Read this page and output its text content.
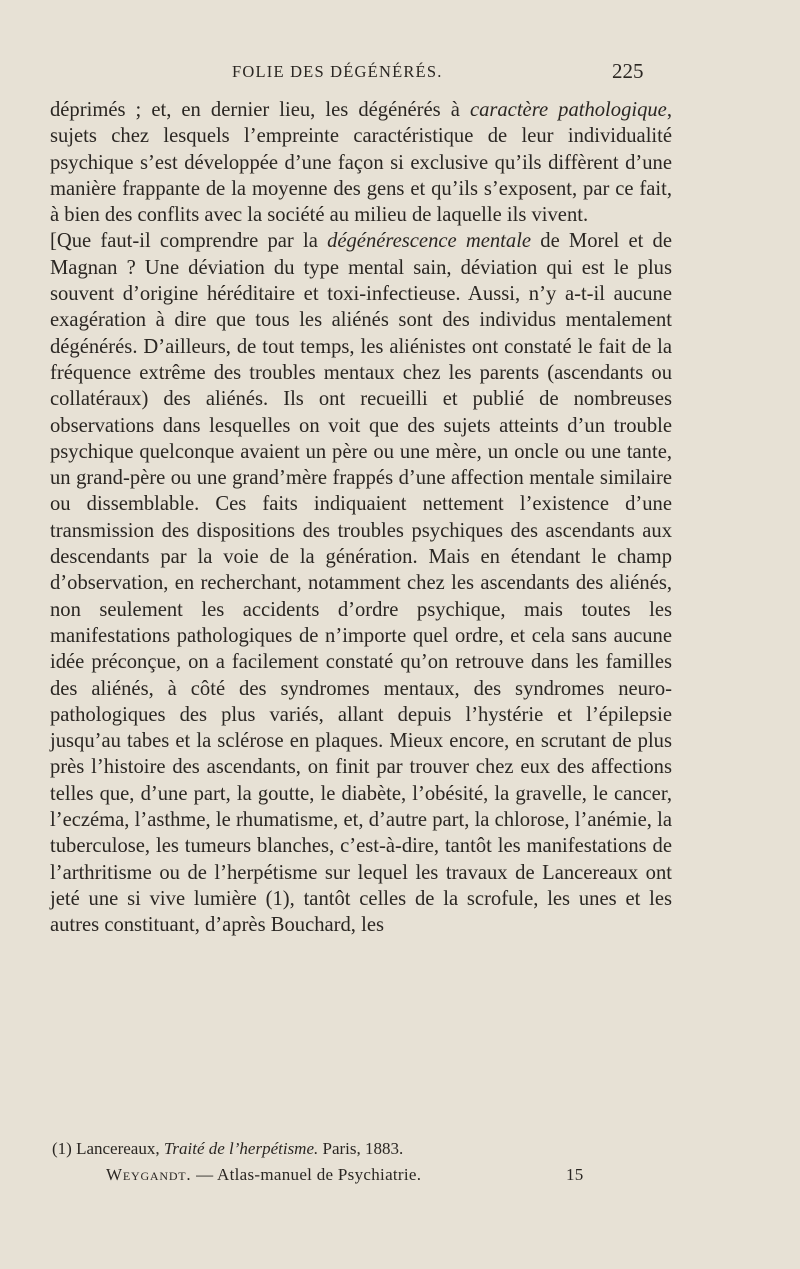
FOLIE DES DÉGÉNÉRÉS.	225

déprimés ; et, en dernier lieu, les dégénérés à caractère pathologique, sujets chez lesquels l’empreinte caractéristique de leur individualité psychique s’est développée d’une façon si exclusive qu’ils diffèrent d’une manière frappante de la moyenne des gens et qu’ils s’exposent, par ce fait, à bien des conflits avec la société au milieu de laquelle ils vivent.

[Que faut-il comprendre par la dégénérescence mentale de Morel et de Magnan ? Une déviation du type mental sain, déviation qui est le plus souvent d’origine héréditaire et toxi-infectieuse. Aussi, n’y a-t-il aucune exagération à dire que tous les aliénés sont des individus mentalement dégénérés. D’ailleurs, de tout temps, les aliénistes ont constaté le fait de la fréquence extrême des troubles mentaux chez les parents (ascendants ou collatéraux) des aliénés. Ils ont recueilli et publié de nombreuses observations dans lesquelles on voit que des sujets atteints d’un trouble psychique quelconque avaient un père ou une mère, un oncle ou une tante, un grand-père ou une grand’mère frappés d’une affection mentale similaire ou dissemblable. Ces faits indiquaient nettement l’existence d’une transmission des dispositions des troubles psychiques des ascendants aux descendants par la voie de la génération. Mais en étendant le champ d’observation, en recherchant, notamment chez les ascendants des aliénés, non seulement les accidents d’ordre psychique, mais toutes les manifestations pathologiques de n’importe quel ordre, et cela sans aucune idée préconçue, on a facilement constaté qu’on retrouve dans les familles des aliénés, à côté des syndromes mentaux, des syndromes neuro-pathologiques des plus variés, allant depuis l’hystérie et l’épilepsie jusqu’au tabes et la sclérose en plaques. Mieux encore, en scrutant de plus près l’histoire des ascendants, on finit par trouver chez eux des affections telles que, d’une part, la goutte, le diabète, l’obésité, la gravelle, le cancer, l’eczéma, l’asthme, le rhumatisme, et, d’autre part, la chlorose, l’anémie, la tuberculose, les tumeurs blanches, c’est-à-dire, tantôt les manifestations de l’arthritisme ou de l’herpétisme sur lequel les travaux de Lancereaux ont jeté une si vive lumière (1), tantôt celles de la scrofule, les unes et les autres constituant, d’après Bouchard, les

(1) Lancereaux, Traité de l’herpétisme. Paris, 1883.
Weygandt. — Atlas-manuel de Psychiatrie.	15
